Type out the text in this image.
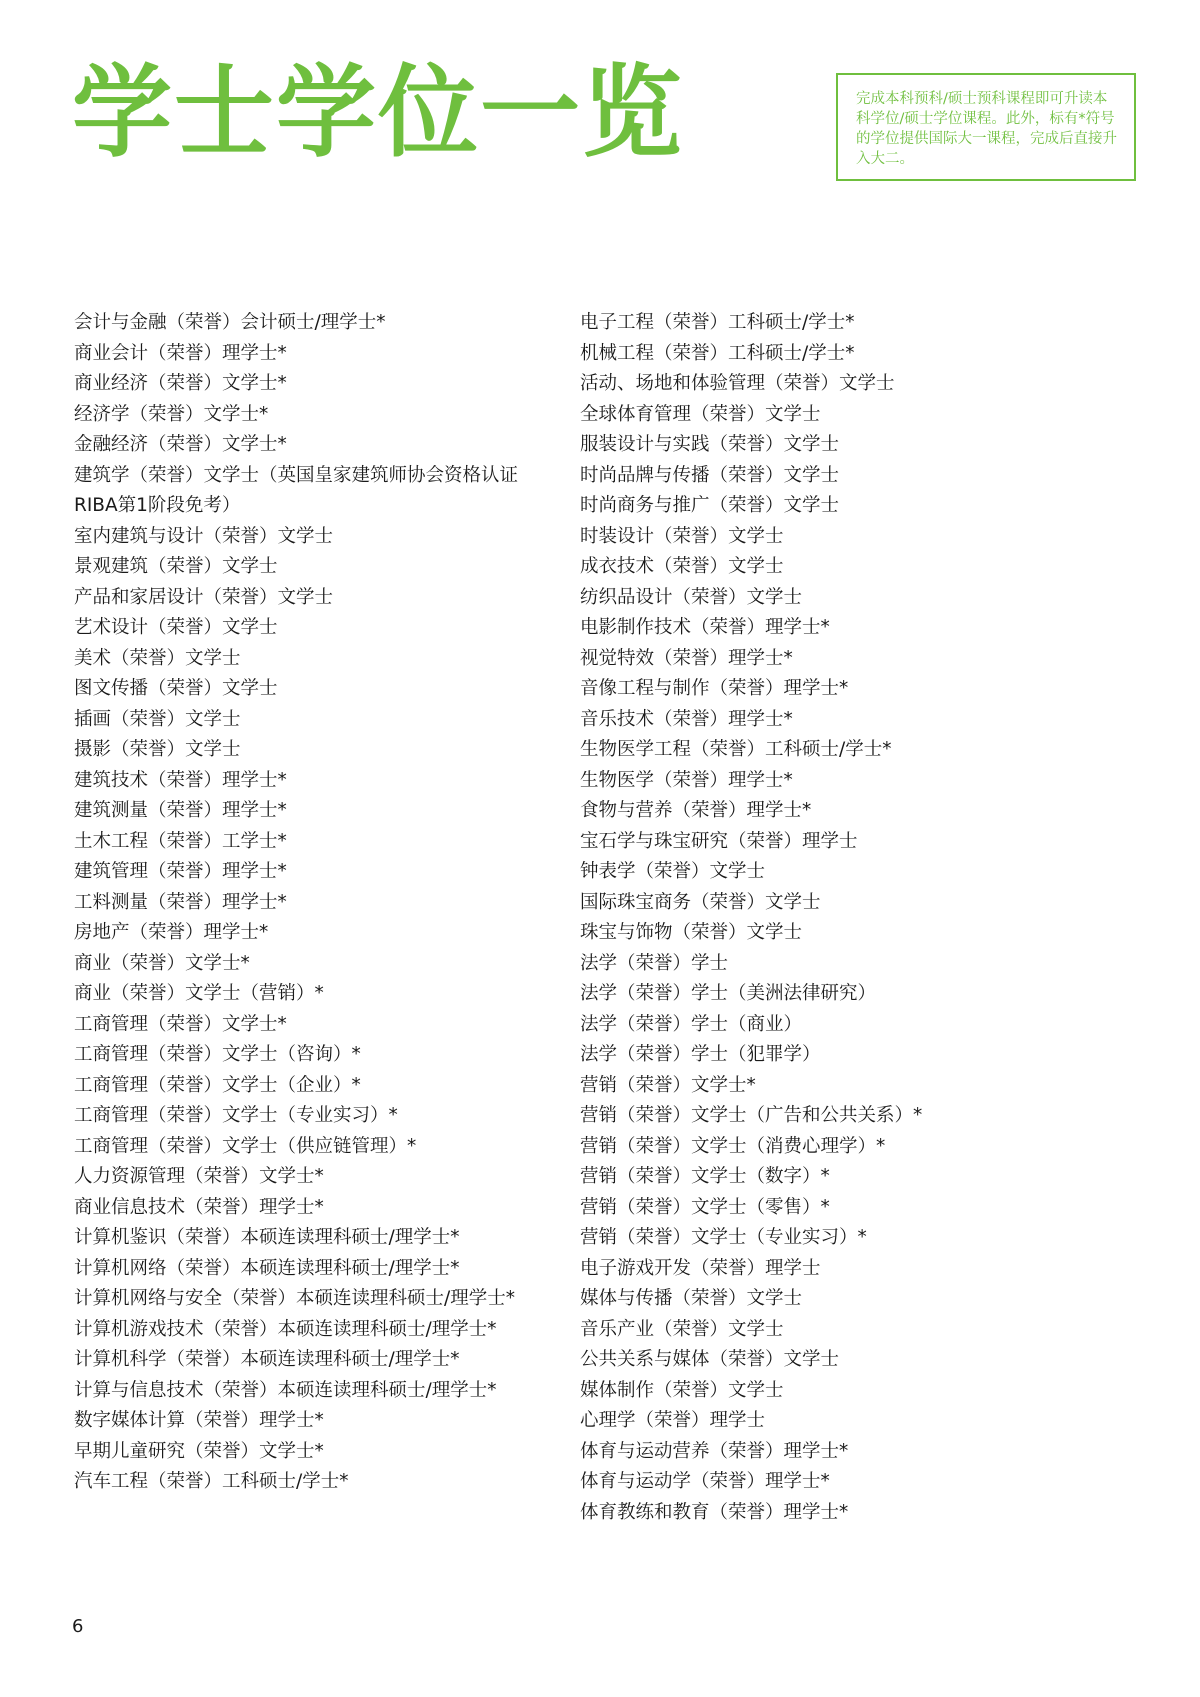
学士学位一览	完成本科预科/硕士预科课程即可升读本科学位/硕士学位课程。此外，标有*符号的学位提供国际大一课程，完成后直接升入大二。
会计与金融（荣誉）会计硕士/理学士*
商业会计（荣誉）理学士*
商业经济（荣誉）文学士*
经济学（荣誉）文学士*
金融经济（荣誉）文学士*
建筑学（荣誉）文学士（英国皇家建筑师协会资格认证
RIBA第1阶段免考）
室内建筑与设计（荣誉）文学士
景观建筑（荣誉）文学士
产品和家居设计（荣誉）文学士
艺术设计（荣誉）文学士
美术（荣誉）文学士
图文传播（荣誉）文学士
插画（荣誉）文学士
摄影（荣誉）文学士
建筑技术（荣誉）理学士*
建筑测量（荣誉）理学士*
土木工程（荣誉）工学士*
建筑管理（荣誉）理学士*
工料测量（荣誉）理学士*
房地产（荣誉）理学士*
商业（荣誉）文学士*
商业（荣誉）文学士（营销）*
工商管理（荣誉）文学士*
工商管理（荣誉）文学士（咨询）*
工商管理（荣誉）文学士（企业）*
工商管理（荣誉）文学士（专业实习）*
工商管理（荣誉）文学士（供应链管理）*
人力资源管理（荣誉）文学士*
商业信息技术（荣誉）理学士*
计算机鉴识（荣誉）本硕连读理科硕士/理学士*
计算机网络（荣誉）本硕连读理科硕士/理学士*
计算机网络与安全（荣誉）本硕连读理科硕士/理学士*
计算机游戏技术（荣誉）本硕连读理科硕士/理学士*
计算机科学（荣誉）本硕连读理科硕士/理学士*
计算与信息技术（荣誉）本硕连读理科硕士/理学士*
数字媒体计算（荣誉）理学士*
早期儿童研究（荣誉）文学士*
汽车工程（荣誉）工科硕士/学士*
电子工程（荣誉）工科硕士/学士*
机械工程（荣誉）工科硕士/学士*
活动、场地和体验管理（荣誉）文学士
全球体育管理（荣誉）文学士
服装设计与实践（荣誉）文学士
时尚品牌与传播（荣誉）文学士
时尚商务与推广（荣誉）文学士
时装设计（荣誉）文学士
成衣技术（荣誉）文学士
纺织品设计（荣誉）文学士
电影制作技术（荣誉）理学士*
视觉特效（荣誉）理学士*
音像工程与制作（荣誉）理学士*
音乐技术（荣誉）理学士*
生物医学工程（荣誉）工科硕士/学士*
生物医学（荣誉）理学士*
食物与营养（荣誉）理学士*
宝石学与珠宝研究（荣誉）理学士
钟表学（荣誉）文学士
国际珠宝商务（荣誉）文学士
珠宝与饰物（荣誉）文学士
法学（荣誉）学士
法学（荣誉）学士（美洲法律研究）
法学（荣誉）学士（商业）
法学（荣誉）学士（犯罪学）
营销（荣誉）文学士*
营销（荣誉）文学士（广告和公共关系）*
营销（荣誉）文学士（消费心理学）*
营销（荣誉）文学士（数字）*
营销（荣誉）文学士（零售）*
营销（荣誉）文学士（专业实习）*
电子游戏开发（荣誉）理学士
媒体与传播（荣誉）文学士
音乐产业（荣誉）文学士
公共关系与媒体（荣誉）文学士
媒体制作（荣誉）文学士
心理学（荣誉）理学士
体育与运动营养（荣誉）理学士*
体育与运动学（荣誉）理学士*
体育教练和教育（荣誉）理学士*
6
